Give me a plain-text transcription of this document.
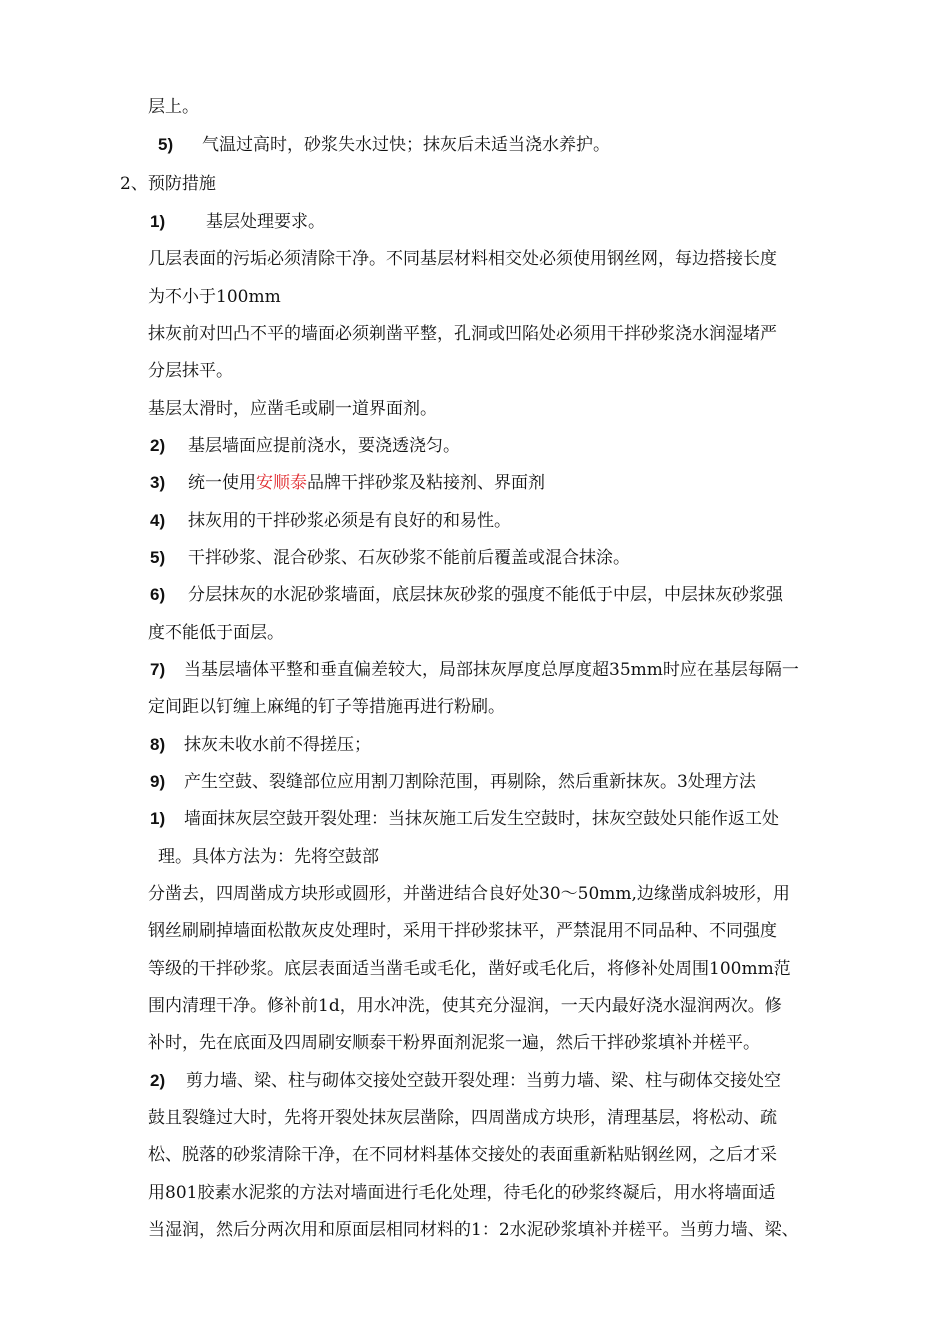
层上。

5) 气温过高时，砂浆失水过快；抹灰后未适当浇水养护。

2、预防措施

1) 基层处理要求。

几层表面的污垢必须清除干净。不同基层材料相交处必须使用钢丝网，每边搭接长度

为不小于100mm

抹灰前对凹凸不平的墙面必须剃凿平整，孔洞或凹陷处必须用干拌砂浆浇水润湿堵严

分层抹平。

基层太滑时，应凿毛或刷一道界面剂。

2) 基层墙面应提前浇水，要浇透浇匀。

3) 统一使用安顺泰品牌干拌砂浆及粘接剂、界面剂

4) 抹灰用的干拌砂浆必须是有良好的和易性。

5) 干拌砂浆、混合砂浆、石灰砂浆不能前后覆盖或混合抹涂。

6) 分层抹灰的水泥砂浆墙面，底层抹灰砂浆的强度不能低于中层，中层抹灰砂浆强

度不能低于面层。

7) 当基层墙体平整和垂直偏差较大，局部抹灰厚度总厚度超35mm时应在基层每隔一

定间距以钉缠上麻绳的钉子等措施再进行粉刷。

8) 抹灰未收水前不得搓压；

9) 产生空鼓、裂缝部位应用割刀割除范围，再剔除，然后重新抹灰。3处理方法

1) 墙面抹灰层空鼓开裂处理：当抹灰施工后发生空鼓时，抹灰空鼓处只能作返工处

理。具体方法为：先将空鼓部

分凿去，四周凿成方块形或圆形，并凿进结合良好处30～50mm,边缘凿成斜坡形，用

钢丝刷刷掉墙面松散灰皮处理时，采用干拌砂浆抹平，严禁混用不同品种、不同强度

等级的干拌砂浆。底层表面适当凿毛或毛化，凿好或毛化后，将修补处周围100mm范

围内清理干净。修补前1d，用水冲洗，使其充分湿润，一天内最好浇水湿润两次。修

补时，先在底面及四周刷安顺泰干粉界面剂泥浆一遍，然后干拌砂浆填补并槎平。

2) 剪力墙、梁、柱与砌体交接处空鼓开裂处理：当剪力墙、梁、柱与砌体交接处空

鼓且裂缝过大时，先将开裂处抹灰层凿除，四周凿成方块形，清理基层，将松动、疏

松、脱落的砂浆清除干净，在不同材料基体交接处的表面重新粘贴钢丝网，之后才采

用801胶素水泥浆的方法对墙面进行毛化处理，待毛化的砂浆终凝后，用水将墙面适

当湿润，然后分两次用和原面层相同材料的1：2水泥砂浆填补并槎平。当剪力墙、梁、
